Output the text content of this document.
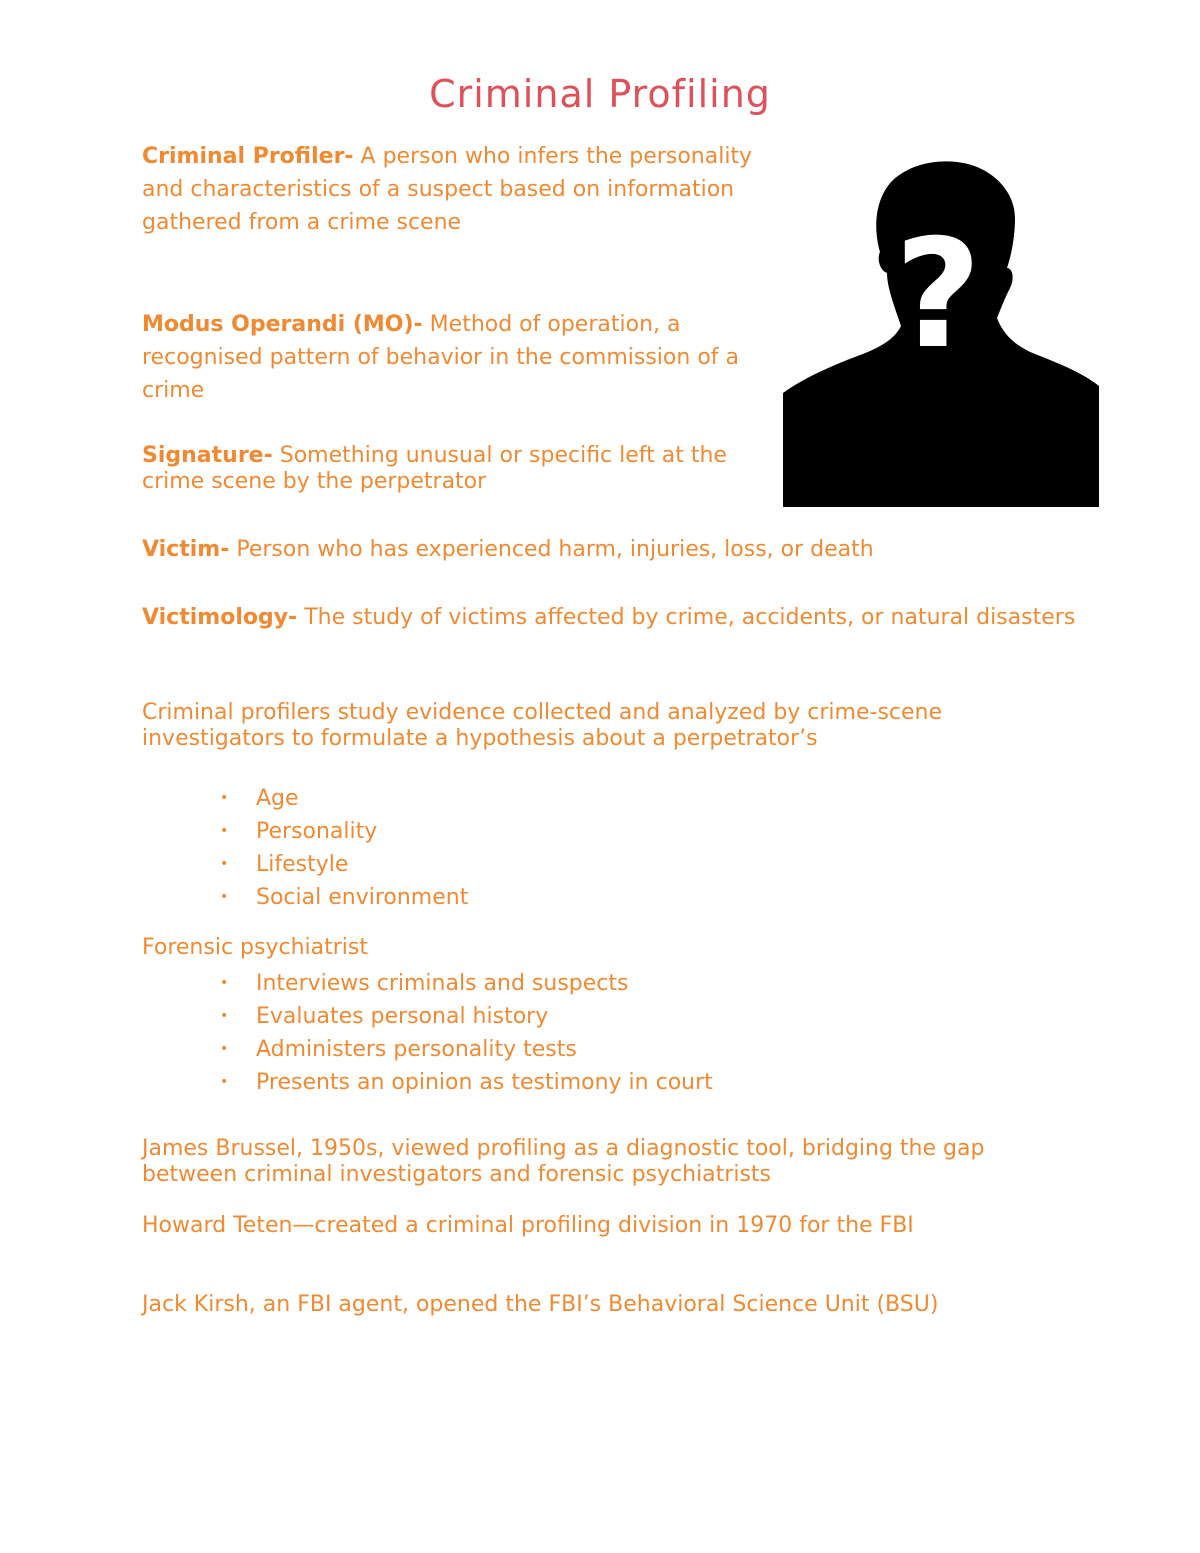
Criminal Profiling

Criminal Profiler- A person who infers the personality and characteristics of a suspect based on information gathered from a crime scene

Modus Operandi (MO)- Method of operation, a recognised pattern of behavior in the commission of a crime

Signature- Something unusual or specific left at the crime scene by the perpetrator

Victim- Person who has experienced harm, injuries, loss, or death

Victimology- The study of victims affected by crime, accidents, or natural disasters

?

Criminal profilers study evidence collected and analyzed by crime-scene investigators to formulate a hypothesis about a perpetrator’s

• Age
• Personality
• Lifestyle
• Social environment

Forensic psychiatrist

• Interviews criminals and suspects
• Evaluates personal history
• Administers personality tests
• Presents an opinion as testimony in court

James Brussel, 1950s, viewed profiling as a diagnostic tool, bridging the gap between criminal investigators and forensic psychiatrists

Howard Teten—created a criminal profiling division in 1970 for the FBI

Jack Kirsh, an FBI agent, opened the FBI’s Behavioral Science Unit (BSU)
